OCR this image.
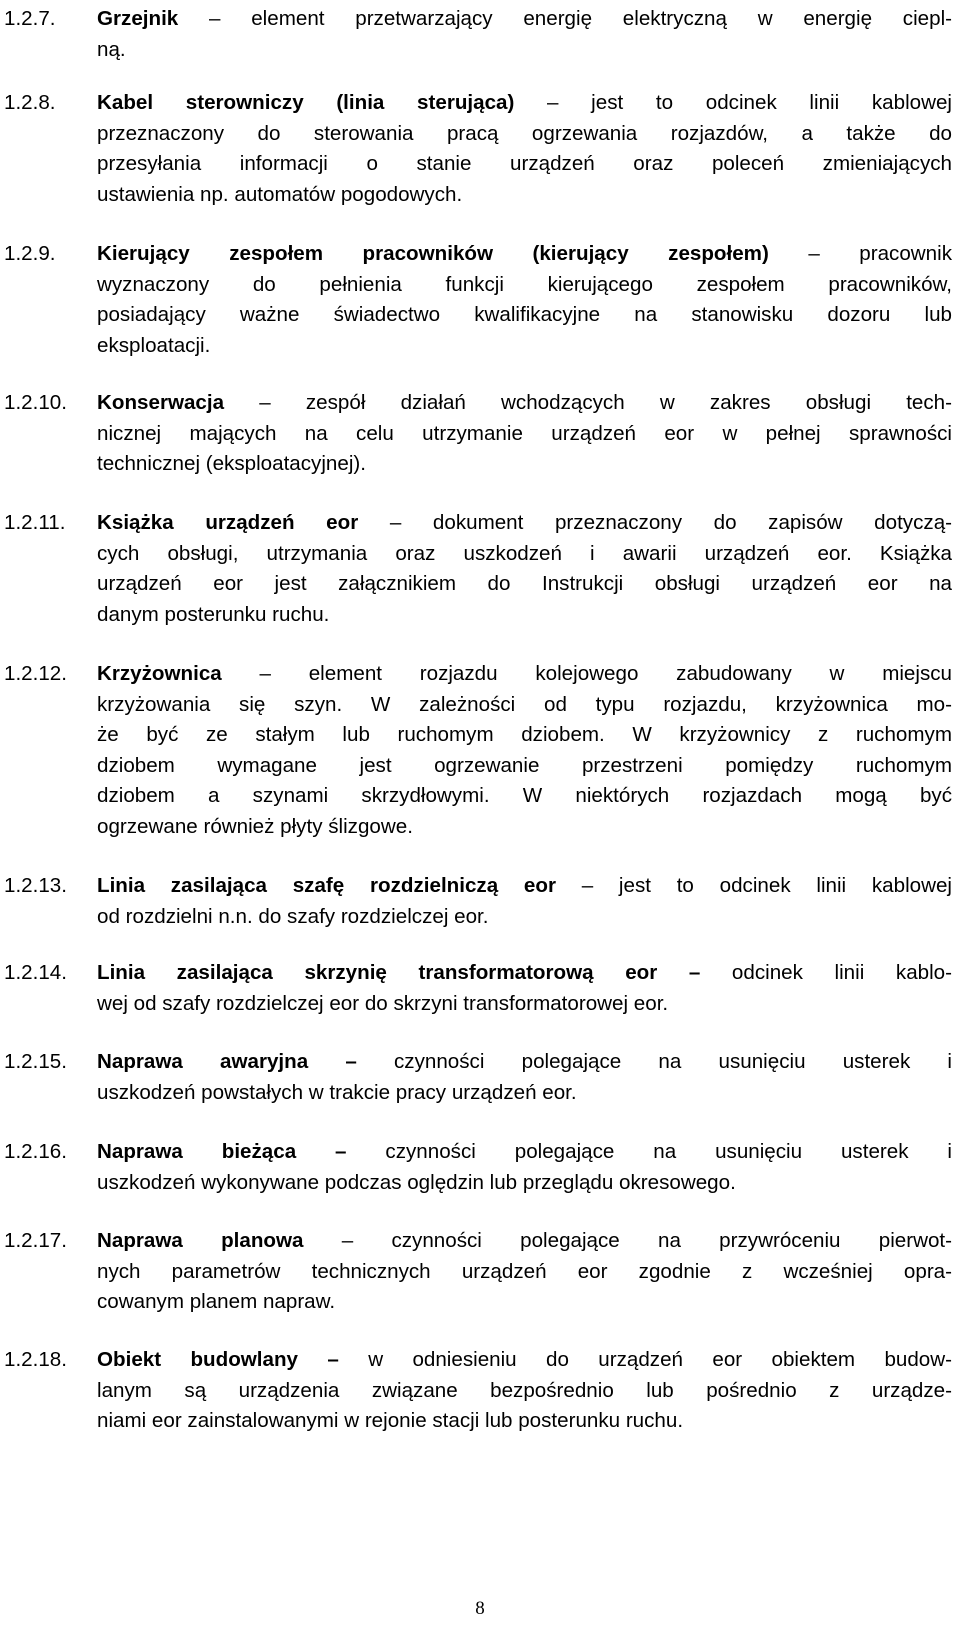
1.2.7.	Grzejnik – element przetwarzający energię elektryczną w energię ciepl-
ną.
1.2.8.	Kabel sterowniczy (linia sterująca) – jest to odcinek linii kablowej
przeznaczony do sterowania pracą ogrzewania rozjazdów, a także do
przesyłania informacji o stanie urządzeń oraz poleceń zmieniających
ustawienia np. automatów pogodowych.
1.2.9.	Kierujący zespołem pracowników (kierujący zespołem) – pracownik
wyznaczony do pełnienia funkcji kierującego zespołem pracowników,
posiadający ważne świadectwo kwalifikacyjne na stanowisku dozoru lub
eksploatacji.
1.2.10.	Konserwacja – zespół działań wchodzących w zakres obsługi tech-
nicznej mających na celu utrzymanie urządzeń eor w pełnej sprawności
technicznej (eksploatacyjnej).
1.2.11.	Książka urządzeń eor – dokument przeznaczony do zapisów dotyczą-
cych obsługi, utrzymania oraz uszkodzeń i awarii urządzeń eor. Książka
urządzeń eor jest załącznikiem do Instrukcji obsługi urządzeń eor na
danym posterunku ruchu.
1.2.12.	Krzyżownica – element rozjazdu kolejowego zabudowany w miejscu
krzyżowania się szyn. W zależności od typu rozjazdu, krzyżownica mo-
że być ze stałym lub ruchomym dziobem. W krzyżownicy z ruchomym
dziobem wymagane jest ogrzewanie przestrzeni pomiędzy ruchomym
dziobem a szynami skrzydłowymi. W niektórych rozjazdach mogą być
ogrzewane również płyty ślizgowe.
1.2.13.	Linia zasilająca szafę rozdzielniczą eor – jest to odcinek linii kablowej
od rozdzielni n.n. do szafy rozdzielczej eor.
1.2.14.	Linia zasilająca skrzynię transformatorową eor – odcinek linii kablo-
wej od szafy rozdzielczej eor do skrzyni transformatorowej eor.
1.2.15.	Naprawa awaryjna – czynności polegające na usunięciu usterek i
uszkodzeń powstałych w trakcie pracy urządzeń eor.
1.2.16.	Naprawa bieżąca – czynności polegające na usunięciu usterek i
uszkodzeń wykonywane podczas oględzin lub przeglądu okresowego.
1.2.17.	Naprawa planowa – czynności polegające na przywróceniu pierwot-
nych parametrów technicznych urządzeń eor zgodnie z wcześniej opra-
cowanym planem napraw.
1.2.18.	Obiekt budowlany – w odniesieniu do urządzeń eor obiektem budow-
lanym są urządzenia związane bezpośrednio lub pośrednio z urządze-
niami eor zainstalowanymi w rejonie stacji lub posterunku ruchu.
8
